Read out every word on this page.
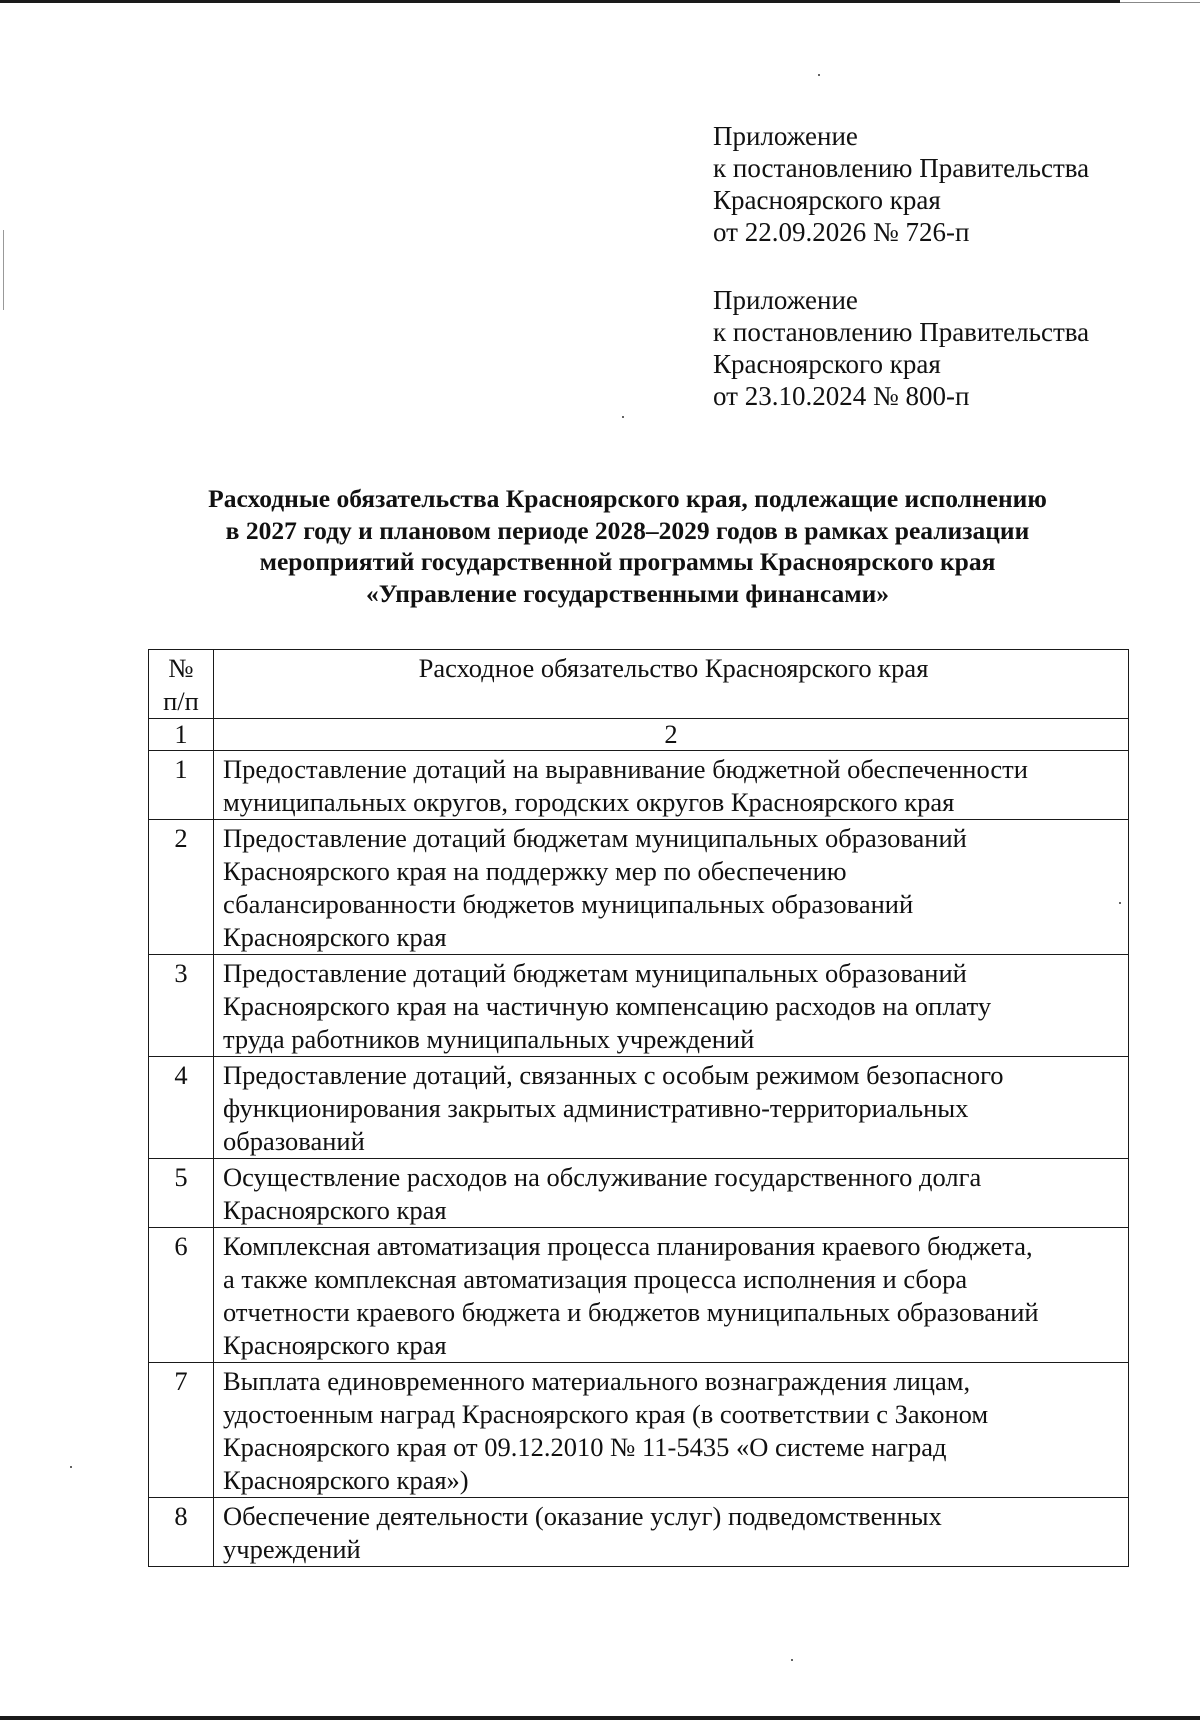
Приложение
к постановлению Правительства
Красноярского края
от 22.09.2026 № 726-п
Приложение
к постановлению Правительства
Красноярского края
от 23.10.2024 № 800-п
Расходные обязательства Красноярского края, подлежащие исполнению
в 2027 году и плановом периоде 2028–2029 годов в рамках реализации
мероприятий государственной программы Красноярского края
«Управление государственными финансами»
№
п/п	Расходное обязательство Красноярского края
1	2
1	Предоставление дотаций на выравнивание бюджетной обеспеченности
муниципальных округов, городских округов Красноярского края

2	Предоставление дотаций бюджетам муниципальных образований
Красноярского края на поддержку мер по обеспечению
сбалансированности бюджетов муниципальных образований
Красноярского края

3	Предоставление дотаций бюджетам муниципальных образований
Красноярского края на частичную компенсацию расходов на оплату
труда работников муниципальных учреждений

4	Предоставление дотаций, связанных с особым режимом безопасного
функционирования закрытых административно-территориальных
образований

5	Осуществление расходов на обслуживание государственного долга
Красноярского края

6	Комплексная автоматизация процесса планирования краевого бюджета,
а также комплексная автоматизация процесса исполнения и сбора
отчетности краевого бюджета и бюджетов муниципальных образований
Красноярского края

7	Выплата единовременного материального вознаграждения лицам,
удостоенным наград Красноярского края (в соответствии с Законом
Красноярского края от 09.12.2010 № 11-5435 «О системе наград
Красноярского края»)

8	Обеспечение деятельности (оказание услуг) подведомственных
учреждений
